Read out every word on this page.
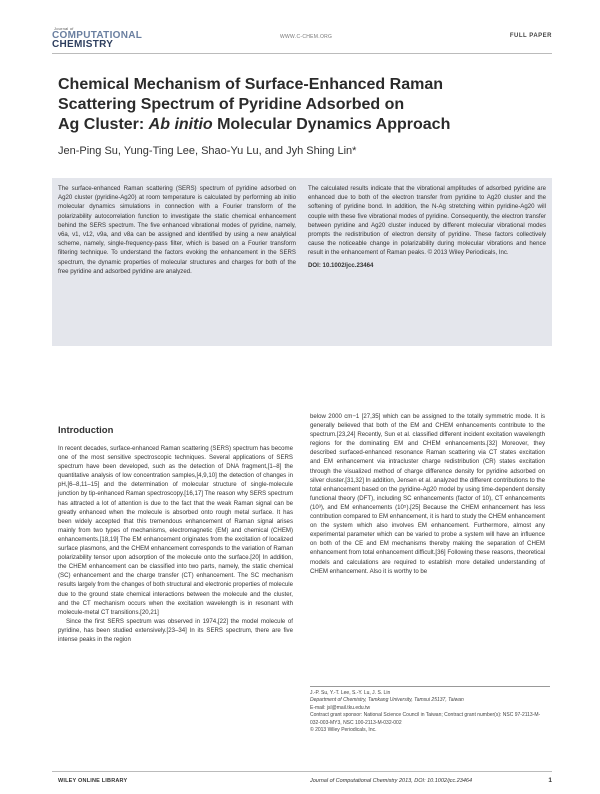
Journal of
COMPUTATIONAL
CHEMISTRY
WWW.C-CHEM.ORG	FULL PAPER
Chemical Mechanism of Surface-Enhanced Raman
Scattering Spectrum of Pyridine Adsorbed on
Ag Cluster: Ab initio Molecular Dynamics Approach
Jen-Ping Su, Yung-Ting Lee, Shao-Yu Lu, and Jyh Shing Lin*
The surface-enhanced Raman scattering (SERS) spectrum of pyridine adsorbed on Ag20 cluster (pyridine-Ag20) at room temperature is calculated by performing ab initio molecular dynamics simulations in connection with a Fourier transform of the polarizability autocorrelation function to investigate the static chemical enhancement behind the SERS spectrum. The five enhanced vibrational modes of pyridine, namely, ν6a, ν1, ν12, ν9a, and ν8a can be assigned and identified by using a new analytical scheme, namely, single-frequency-pass filter, which is based on a Fourier transform filtering technique. To understand the factors evoking the enhancement in the SERS spectrum, the dynamic properties of molecular structures and charges for both of the free pyridine and adsorbed pyridine are analyzed.
The calculated results indicate that the vibrational amplitudes of adsorbed pyridine are enhanced due to both of the electron transfer from pyridine to Ag20 cluster and the softening of pyridine bond. In addition, the N-Ag stretching within pyridine-Ag20 will couple with these five vibrational modes of pyridine. Consequently, the electron transfer between pyridine and Ag20 cluster induced by different molecular vibrational modes prompts the redistribution of electron density of pyridine. These factors collectively cause the noticeable change in polarizability during molecular vibrations and hence result in the enhancement of Raman peaks. © 2013 Wiley Periodicals, Inc.
DOI: 10.1002/jcc.23464
Introduction

In recent decades, surface-enhanced Raman scattering (SERS) spectrum has become one of the most sensitive spectroscopic techniques. Several applications of SERS spectrum have been developed, such as the detection of DNA fragment,[1–8] the quantitative analysis of low concentration samples,[4,9,10] the detection of changes in pH,[6–8,11–15] and the determination of molecular structure of single-molecule junction by tip-enhanced Raman spectroscopy.[16,17] The reason why SERS spectrum has attracted a lot of attention is due to the fact that the weak Raman signal can be greatly enhanced when the molecule is absorbed onto rough metal surface. It has been widely accepted that this tremendous enhancement of Raman signal arises mainly from two types of mechanisms, electromagnetic (EM) and chemical (CHEM) enhancements.[18,19] The EM enhancement originates from the excitation of localized surface plasmons, and the CHEM enhancement corresponds to the variation of Raman polarizability tensor upon adsorption of the molecule onto the surface.[20] In addition, the CHEM enhancement can be classified into two parts, namely, the static chemical (SC) enhancement and the charge transfer (CT) enhancement. The SC mechanism results largely from the changes of both structural and electronic properties of molecule due to the ground state chemical interactions between the molecule and the cluster, and the CT mechanism occurs when the excitation wavelength is in resonant with molecule-metal CT transitions.[20,21]

Since the first SERS spectrum was observed in 1974,[22] the model molecule of pyridine, has been studied extensively.[23–34] In its SERS spectrum, there are five intense peaks in the region

below 2000 cm−1 [27,35] which can be assigned to the totally symmetric mode. It is generally believed that both of the EM and CHEM enhancements contribute to the spectrum.[23,24] Recently, Sun et al. classified different incident excitation wavelength regions for the dominating EM and CHEM enhancements.[32] Moreover, they described surfaced-enhanced resonance Raman scattering via CT states excitation and EM enhancement via intracluster charge redistribution (CR) states excitation through the visualized method of charge difference density for pyridine adsorbed on silver cluster.[31,32] In addition, Jensen et al. analyzed the different contributions to the total enhancement based on the pyridine-Ag20 model by using time-dependent density functional theory (DFT), including SC enhancements (factor of 10), CT enhancements (10³), and EM enhancements (10⁵).[25] Because the CHEM enhancement has less contribution compared to EM enhancement, it is hard to study the CHEM enhancement on the system which also involves EM enhancement. Furthermore, almost any experimental parameter which can be varied to probe a system will have an influence on both of the CE and EM mechanisms thereby making the separation of CHEM enhancement from total enhancement difficult.[36] Following these reasons, theoretical models and calculations are required to establish more detailed understanding of CHEM enhancement. Also it is worthy to be

J.-P. Su, Y.-T. Lee, S.-Y. Lu, J. S. Lin
Department of Chemistry, Tamkang University, Tamsui 25137, Taiwan
E-mail: jsl@mail.tku.edu.tw
Contract grant sponsor: National Science Council in Taiwan; Contract grant number(s): NSC 97-2113-M-032-003-MY3, NSC 100-2113-M-032-002
© 2013 Wiley Periodicals, Inc.
WILEY ONLINE LIBRARY	Journal of Computational Chemistry 2013, DOI: 10.1002/jcc.23464	1
